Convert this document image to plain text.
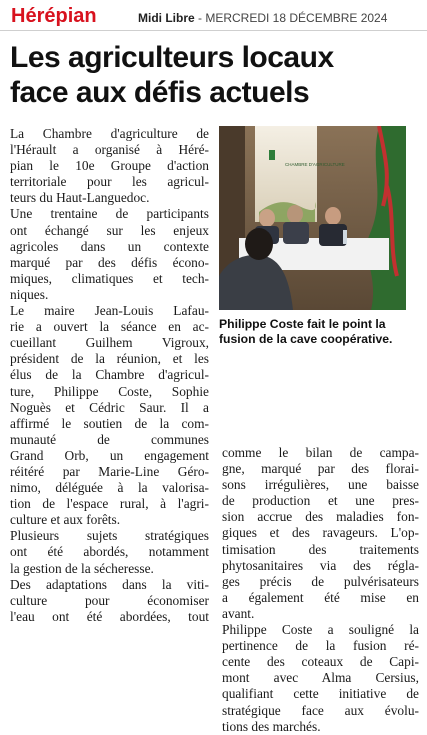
Hérépian	Midi Libre - MERCREDI 18 DÉCEMBRE 2024
Les agriculteurs locaux
face aux défis actuels

La Chambre d'agriculture de
l'Hérault a organisé à Héré-
pian le 10e Groupe d'action
territoriale pour les agricul-
teurs du Haut-Languedoc.
Une trentaine de participants
ont échangé sur les enjeux
agricoles dans un contexte
marqué par des défis écono-
miques, climatiques et tech-
niques.

Le maire Jean-Louis Lafau-
rie a ouvert la séance en ac-
cueillant Guilhem Vigroux,
président de la réunion, et les
élus de la Chambre d'agricul-
ture, Philippe Coste, Sophie
Noguès et Cédric Saur. Il a
affirmé le soutien de la com-
munauté de communes
Grand Orb, un engagement
réitéré par Marie-Line Géro-
nimo, déléguée à la valorisa-
tion de l'espace rural, à l'agri-
culture et aux forêts.

Plusieurs sujets stratégiques
ont été abordés, notamment
la gestion de la sécheresse.
Des adaptations dans la viti-
culture pour économiser
l'eau ont été abordées, tout

CHAMBRE D'AGRICULTURE
Philippe Coste fait le point la
fusion de la cave coopérative.

comme le bilan de campa-
gne, marqué par des florai-
sons irrégulières, une baisse
de production et une pres-
sion accrue des maladies fon-
giques et des ravageurs. L'op-
timisation des traitements
phytosanitaires via des régla-
ges précis de pulvérisateurs
a également été mise en
avant.

Philippe Coste a souligné la
pertinence de la fusion ré-
cente des coteaux de Capi-
mont avec Alma Cersius,
qualifiant cette initiative de
stratégique face aux évolu-
tions des marchés.
